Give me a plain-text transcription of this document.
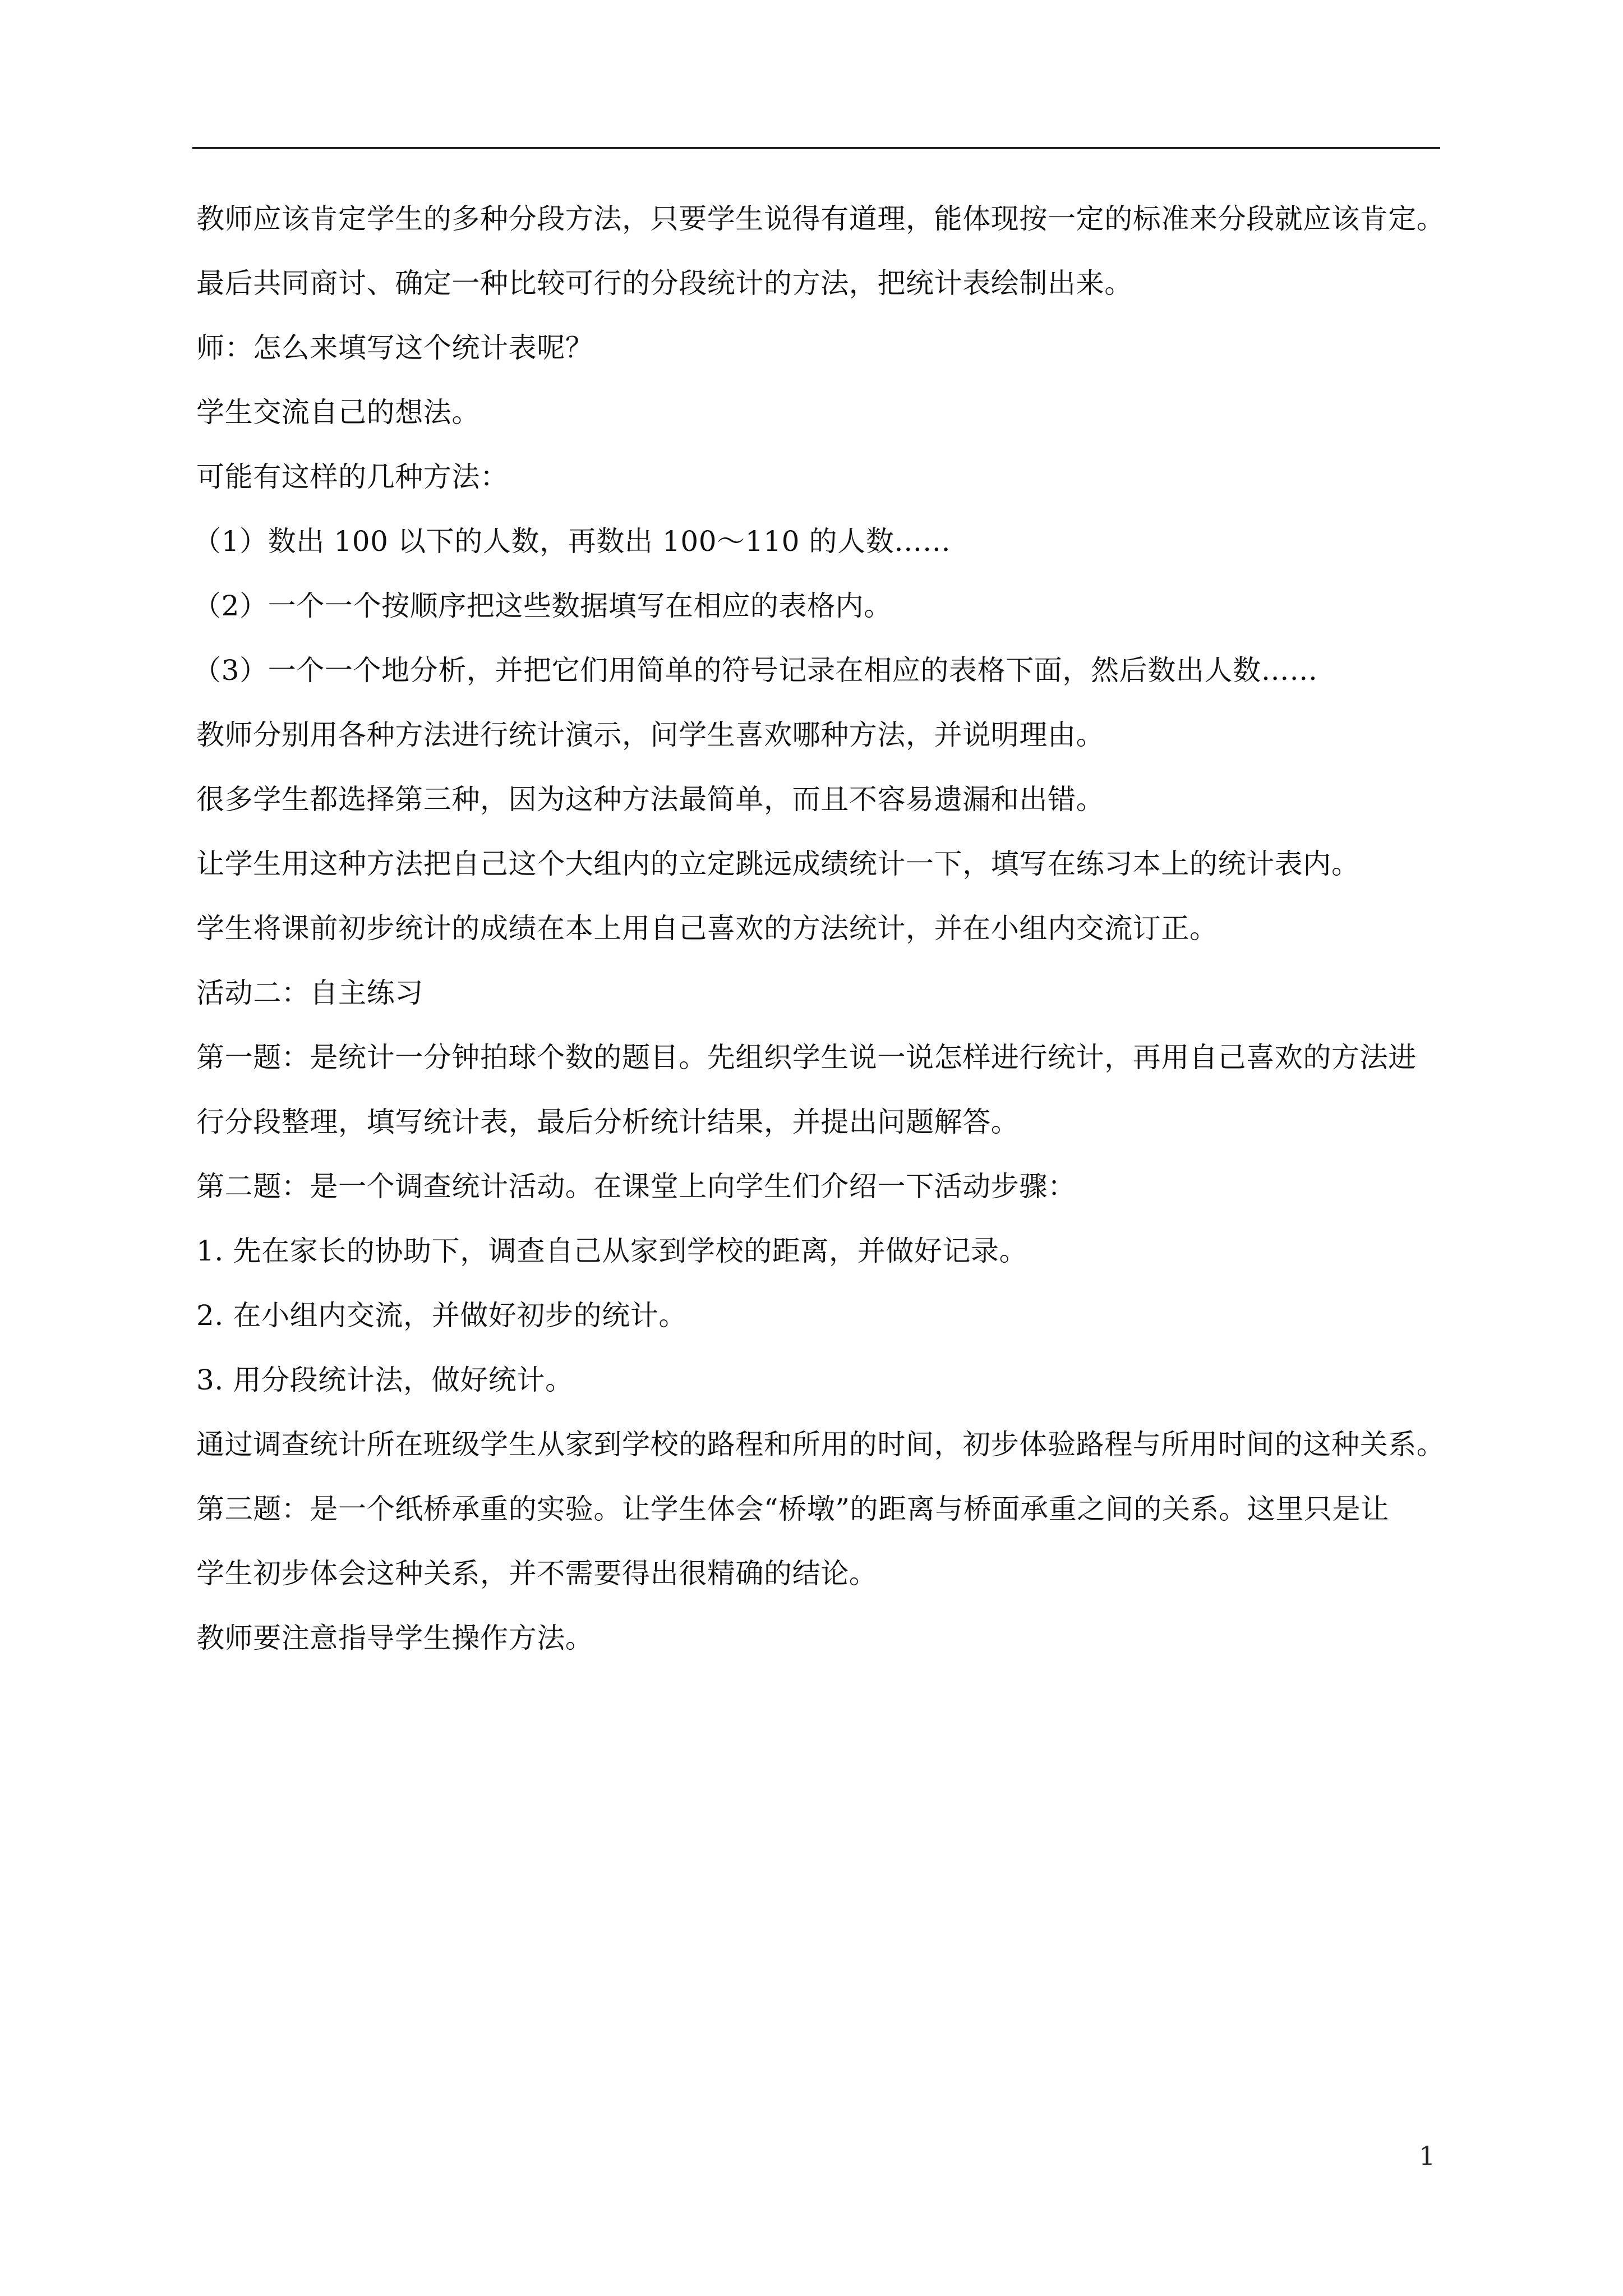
教师应该肯定学生的多种分段方法，只要学生说得有道理，能体现按一定的标准来分段就应该肯定。
最后共同商讨、确定一种比较可行的分段统计的方法，把统计表绘制出来。
师：怎么来填写这个统计表呢？
学生交流自己的想法。
可能有这样的几种方法：
（1）数出 100 以下的人数，再数出 100～110 的人数……
（2）一个一个按顺序把这些数据填写在相应的表格内。
（3）一个一个地分析，并把它们用简单的符号记录在相应的表格下面，然后数出人数……
教师分别用各种方法进行统计演示，问学生喜欢哪种方法，并说明理由。
很多学生都选择第三种，因为这种方法最简单，而且不容易遗漏和出错。
让学生用这种方法把自己这个大组内的立定跳远成绩统计一下，填写在练习本上的统计表内。
学生将课前初步统计的成绩在本上用自己喜欢的方法统计，并在小组内交流订正。
活动二：自主练习
第一题：是统计一分钟拍球个数的题目。先组织学生说一说怎样进行统计，再用自己喜欢的方法进
行分段整理，填写统计表，最后分析统计结果，并提出问题解答。
第二题：是一个调查统计活动。在课堂上向学生们介绍一下活动步骤：
1. 先在家长的协助下，调查自己从家到学校的距离，并做好记录。
2. 在小组内交流，并做好初步的统计。
3. 用分段统计法，做好统计。
通过调查统计所在班级学生从家到学校的路程和所用的时间，初步体验路程与所用时间的这种关系。
第三题：是一个纸桥承重的实验。让学生体会“桥墩”的距离与桥面承重之间的关系。这里只是让
学生初步体会这种关系，并不需要得出很精确的结论。
教师要注意指导学生操作方法。
1
